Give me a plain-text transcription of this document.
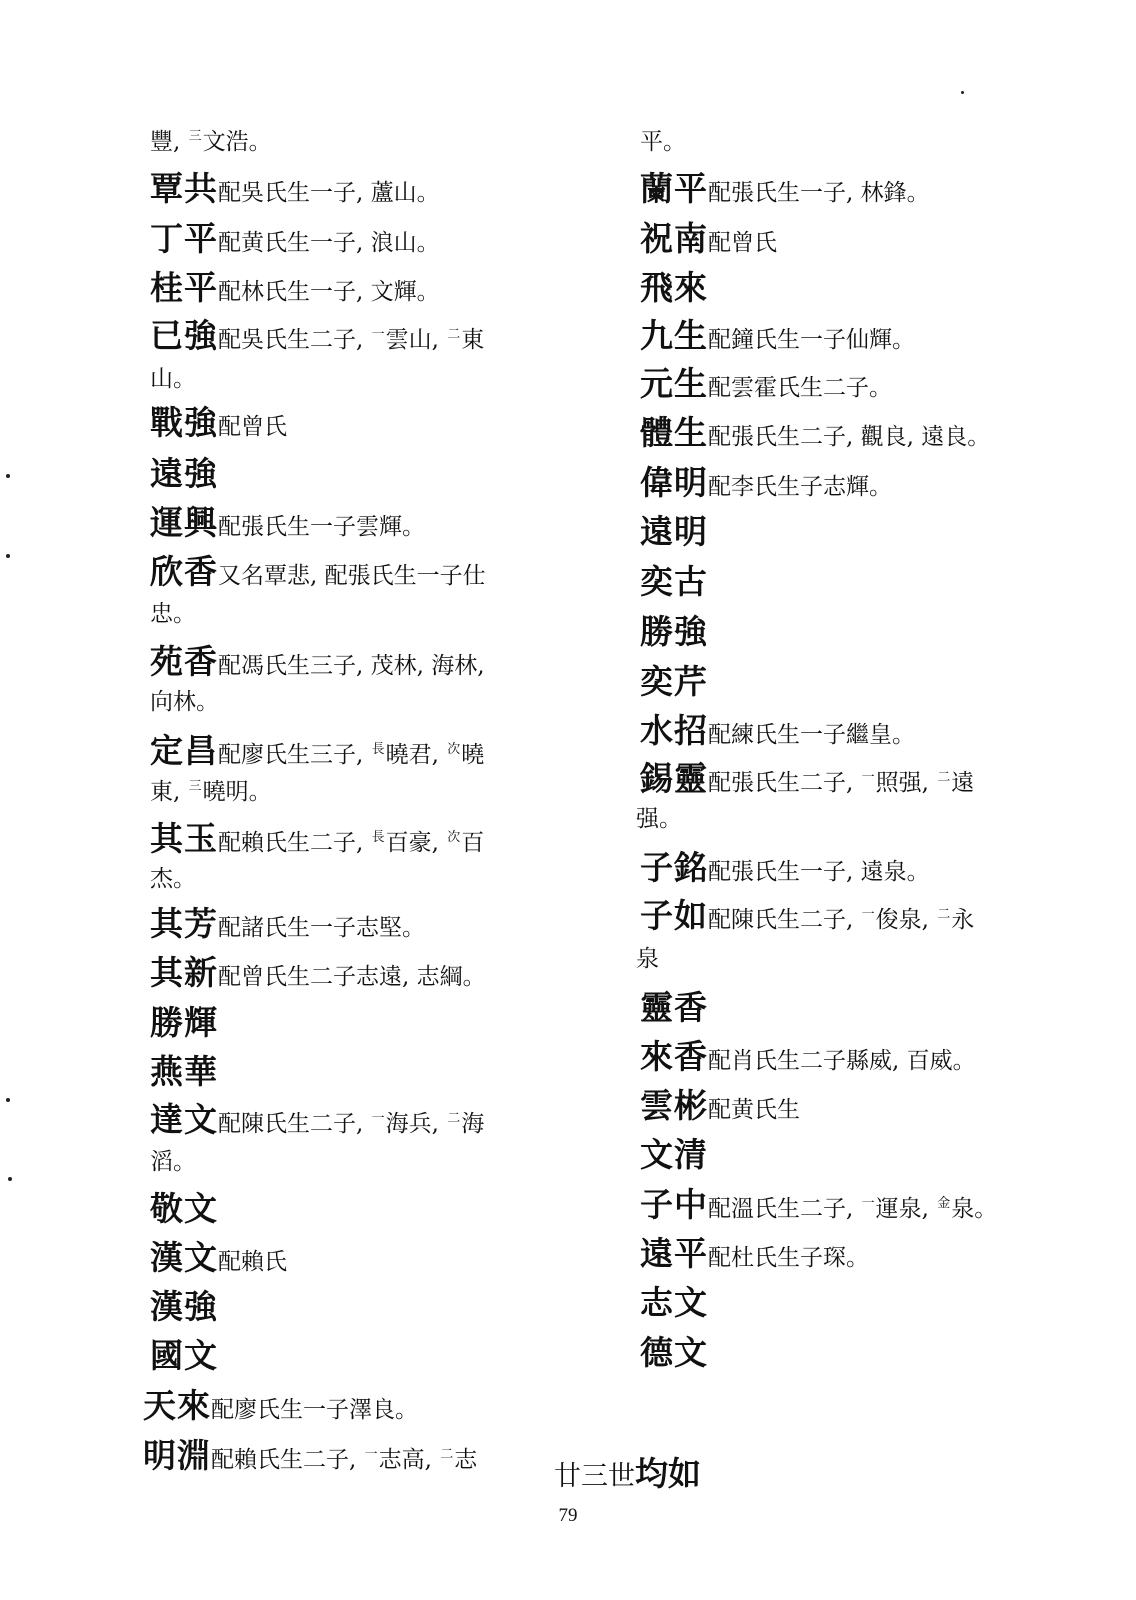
豐, $^三$文浩。
覃共配吳氏生一子, 蘆山。
丁平配黄氏生一子, 浪山。
桂平配林氏生一子, 文輝。
已強配吳氏生二子, $^一$雲山, $^二$東
山。
戰強配曾氏
遠強
運興配張氏生一子雲輝。
欣香又名覃悲, 配張氏生一子仕
忠。
苑香配馮氏生三子, 茂林, 海林,
向林。
定昌配廖氏生三子, $^長$曉君, $^次$曉
東, $^三$曉明。
其玉配賴氏生二子, $^長$百豪, $^次$百
杰。
其芳配諸氏生一子志堅。
其新配曾氏生二子志遠, 志綱。
勝輝
燕華
達文配陳氏生二子, $^一$海兵, $^二$海
滔。
敬文
漢文配賴氏
漢強
國文
天來配廖氏生一子澤良。
明淵配賴氏生二子, $^一$志高, $^二$志
平。
蘭平配張氏生一子, 林鋒。
祝南配曾氏
飛來
九生配鐘氏生一子仙輝。
元生配雲霍氏生二子。
體生配張氏生二子, 觀良, 遠良。
偉明配李氏生子志輝。
遠明
奕古
勝強
奕芹
水招配練氏生一子繼皇。
錫靈配張氏生二子, $^一$照强, $^二$遠
强。
子銘配張氏生一子, 遠泉。
子如配陳氏生二子, $^一$俊泉, $^二$永
泉
靈香
來香配肖氏生二子縣威, 百威。
雲彬配黄氏生
文清
子中配溫氏生二子, $^一$運泉, $^金$泉。
遠平配杜氏生子琛。
志文
德文
廿三世均如
79
